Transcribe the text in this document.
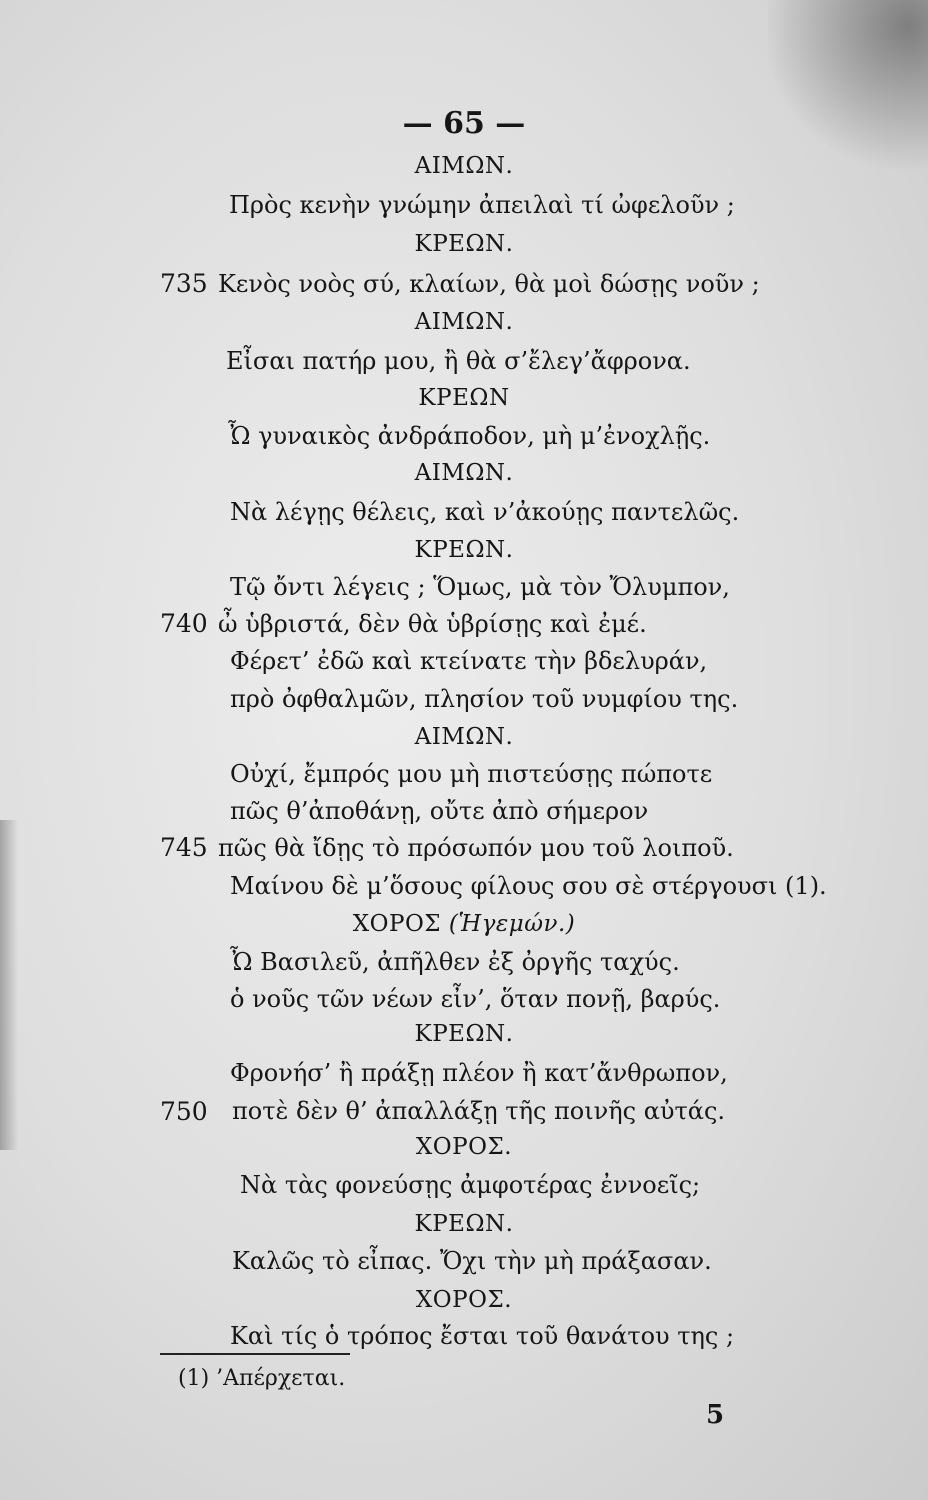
— 65 —
ΑΙΜΩΝ.
ΚΡΕΩΝ.
ΑΙΜΩΝ.
ΚΡΕΩΝ
ΑΙΜΩΝ.
ΚΡΕΩΝ.
ΑΙΜΩΝ.
ΧΟΡΟΣ (Ἡγεμών.)
ΚΡΕΩΝ.
ΧΟΡΟΣ.
ΚΡΕΩΝ.
ΧΟΡΟΣ.
735
740
745
750
Πρὸς κενὴν γνώμην ἀπειλαὶ τί ὠφελοῦν ;
Κενὸς νοὸς σύ, κλαίων, θὰ μοὶ δώσῃς νοῦν ;
Εἶσαι πατήρ μου, ἢ θὰ σ’ἔλεγ’ἄφρονα.
Ὦ γυναικὸς ἀνδράποδον, μὴ μ’ἐνοχλῇς.
Νὰ λέγῃς θέλεις, καὶ ν’ἀκούῃς παντελῶς.
Τῷ ὄντι λέγεις ; Ὅμως, μὰ τὸν Ὄλυμπον,
ὦ ὑβριστά, δὲν θὰ ὑβρίσῃς καὶ ἐμέ.
Φέρετ’ ἐδῶ καὶ κτείνατε τὴν βδελυράν,
πρὸ ὀφθαλμῶν, πλησίον τοῦ νυμφίου της.
Οὐχί, ἔμπρός μου μὴ πιστεύσῃς πώποτε
πῶς θ’ἀποθάνῃ, οὔτε ἀπὸ σήμερον
πῶς θὰ ἴδῃς τὸ πρόσωπόν μου τοῦ λοιποῦ.
Μαίνου δὲ μ’ὅσους φίλους σου σὲ στέργουσι (1).
Ὦ Βασιλεῦ, ἀπῆλθεν ἐξ ὀργῆς ταχύς.
ὁ νοῦς τῶν νέων εἶν’, ὅταν πονῇ, βαρύς.
Φρονήσ’ ἢ πράξῃ πλέον ἢ κατ’ἄνθρωπον,
ποτὲ δὲν θ’ ἀπαλλάξῃ τῆς ποινῆς αὐτάς.
Νὰ τὰς φονεύσῃς ἀμφοτέρας ἐννοεῖς;
Καλῶς τὸ εἶπας. Ὄχι τὴν μὴ πράξασαν.
Καὶ τίς ὁ τρόπος ἔσται τοῦ θανάτου της ;
(1) ’Απέρχεται.
5
